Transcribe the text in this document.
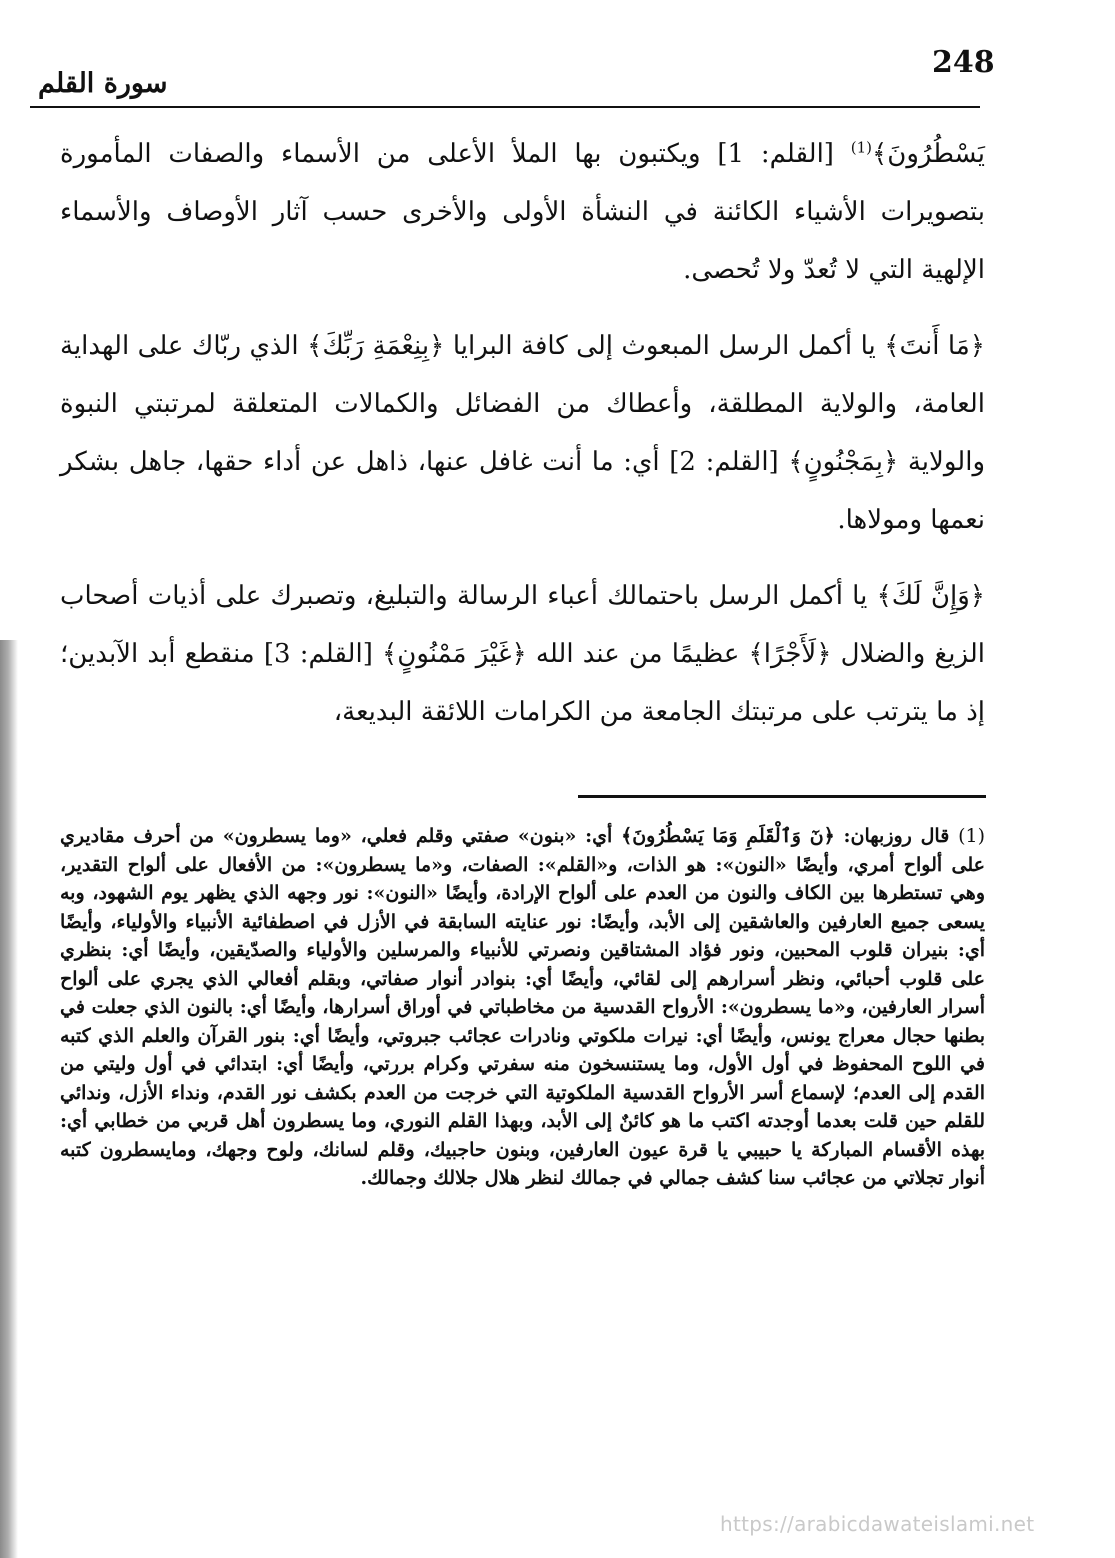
248
سورة القلم

يَسْطُرُونَ﴾$^{(1)}$ [القلم: 1] ويكتبون بها الملأ الأعلى من الأسماء والصفات المأمورة بتصويرات الأشياء الكائنة في النشأة الأولى والأخرى حسب آثار الأوصاف والأسماء الإلهية التي لا تُعدّ ولا تُحصى.

﴿مَا أَنتَ﴾ يا أكمل الرسل المبعوث إلى كافة البرايا ﴿بِنِعْمَةِ رَبِّكَ﴾ الذي ربّاك على الهداية العامة، والولاية المطلقة، وأعطاك من الفضائل والكمالات المتعلقة لمرتبتي النبوة والولاية ﴿بِمَجْنُونٍ﴾ [القلم: 2] أي: ما أنت غافل عنها، ذاهل عن أداء حقها، جاهل بشكر نعمها ومولاها.

﴿وَإِنَّ لَكَ﴾ يا أكمل الرسل باحتمالك أعباء الرسالة والتبليغ، وتصبرك على أذيات أصحاب الزيغ والضلال ﴿لَأَجْرًا﴾ عظيمًا من عند الله ﴿غَيْرَ مَمْنُونٍ﴾ [القلم: 3] منقطع أبد الآبدين؛ إذ ما يترتب على مرتبتك الجامعة من الكرامات اللائقة البديعة،

(1) قال روزبهان: ﴿نٓ وَٱلْقَلَمِ وَمَا يَسْطُرُونَ﴾ أي: «بنون» صفتي وقلم فعلي، «وما يسطرون» من أحرف مقاديري على ألواح أمري، وأيضًا «النون»: هو الذات، و«القلم»: الصفات، و«ما يسطرون»: من الأفعال على ألواح التقدير، وهي تستطرها بين الكاف والنون من العدم على ألواح الإرادة، وأيضًا «النون»: نور وجهه الذي يظهر يوم الشهود، وبه يسعى جميع العارفين والعاشقين إلى الأبد، وأيضًا: نور عنايته السابقة في الأزل في اصطفائية الأنبياء والأولياء، وأيضًا أي: بنيران قلوب المحبين، ونور فؤاد المشتاقين ونصرتي للأنبياء والمرسلين والأولياء والصدّيقين، وأيضًا أي: بنظري على قلوب أحبائي، ونظر أسرارهم إلى لقائي، وأيضًا أي: بنوادر أنوار صفاتي، وبقلم أفعالي الذي يجري على ألواح أسرار العارفين، و«ما يسطرون»: الأرواح القدسية من مخاطباتي في أوراق أسرارها، وأيضًا أي: بالنون الذي جعلت في بطنها حجال معراج يونس، وأيضًا أي: نيرات ملكوتي ونادرات عجائب جبروتي، وأيضًا أي: بنور القرآن والعلم الذي كتبه في اللوح المحفوظ في أول الأول، وما يستنسخون منه سفرتي وكرام بررتي، وأيضًا أي: ابتدائي في أول وليتي من القدم إلى العدم؛ لإسماع أسر الأرواح القدسية الملكوتية التي خرجت من العدم بكشف نور القدم، ونداء الأزل، وندائي للقلم حين قلت بعدما أوجدته اكتب ما هو كائنٌ إلى الأبد، وبهذا القلم النوري، وما يسطرون أهل قربي من خطابي أي: بهذه الأقسام المباركة يا حبيبي يا قرة عيون العارفين، وبنون حاجبيك، وقلم لسانك، ولوح وجهك، ومايسطرون كتبه أنوار تجلاتي من عجائب سنا كشف جمالي في جمالك لنظر هلال جلالك وجمالك.
https://arabicdawateislami.net
